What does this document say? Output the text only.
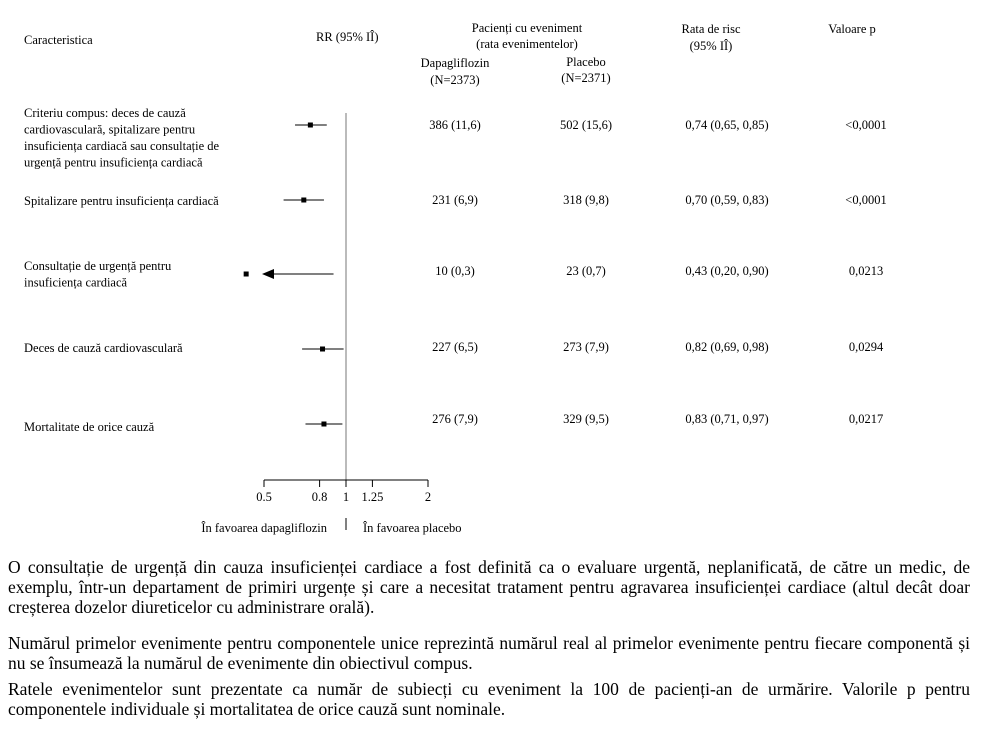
Caracteristica	RR (95% IÎ)
Pacienți cu eveniment
(rata evenimentelor)
Dapagliflozin
(N=2373)
Placebo
(N=2371)
Rata de risc
(95% IÎ)
Valoare p
Criteriu compus: deces de cauză
cardiovasculară, spitalizare pentru
insuficiența cardiacă sau consultație de
urgență pentru insuficiența cardiacă
386 (11,6)	502 (15,6)	0,74 (0,65, 0,85)	<0,0001
Spitalizare pentru insuficiența cardiacă	231 (6,9)	318 (9,8)	0,70 (0,59, 0,83)	<0,0001
Consultație de urgență pentru
insuficiența cardiacă
10 (0,3)	23 (0,7)	0,43 (0,20, 0,90)	0,0213
Deces de cauză cardiovasculară	227 (6,5)	273 (7,9)	0,82 (0,69, 0,98)	0,0294
Mortalitate de orice cauză
276 (7,9)	329 (9,5)	0,83 (0,71, 0,97)	0,0217
0.5	0.8 1 1.25	2
În favoarea dapagliflozin	În favoarea placebo

O consultație de urgență din cauza insuficienței cardiace a fost definită ca o evaluare urgentă, neplanificată, de către un medic, de exemplu, într-un departament de primiri urgențe și care a necesitat tratament pentru agravarea insuficienței cardiace (altul decât doar creșterea dozelor diureticelor cu administrare orală).

Numărul primelor evenimente pentru componentele unice reprezintă numărul real al primelor evenimente pentru fiecare componentă și nu se însumează la numărul de evenimente din obiectivul compus.

Ratele evenimentelor sunt prezentate ca număr de subiecți cu eveniment la 100 de pacienți-an de urmărire. Valorile p pentru componentele individuale și mortalitatea de orice cauză sunt nominale.
